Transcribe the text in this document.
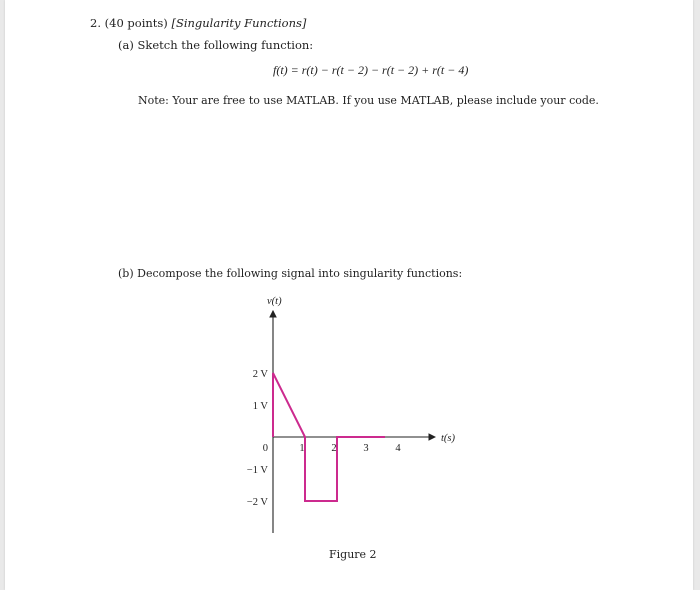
2. (40 points) [Singularity Functions]
(a) Sketch the following function:
f(t) = r(t) − r(t − 2) − r(t − 2) + r(t − 4)
Note: Your are free to use MATLAB. If you use MATLAB, please include your code.
(b) Decompose the following signal into singularity functions:
v(t)
t(s)
2 V
1 V
0
−1 V
−2 V
1	2	3	4
Figure 2
